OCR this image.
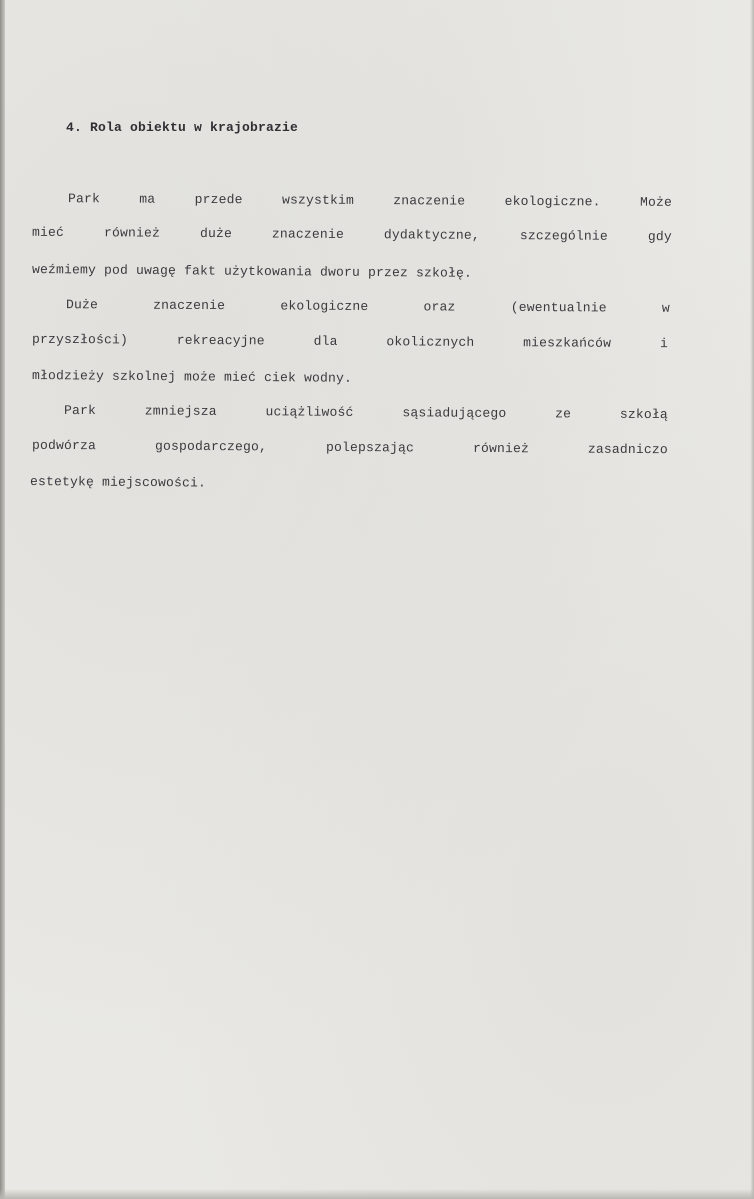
4. Rola obiektu w krajobrazie
Park	ma	przede	wszystkim	znaczenie	ekologiczne.	Może
mieć	również	duże	znaczenie	dydaktyczne,	szczególnie	gdy
weźmiemy pod uwagę fakt użytkowania dworu przez szkołę.
Duże	znaczenie	ekologiczne	oraz	(ewentualnie	w
przyszłości)	rekreacyjne	dla	okolicznych	mieszkańców	i
młodzieży szkolnej może mieć ciek wodny.
Park	zmniejsza	uciążliwość	sąsiadującego	ze	szkołą
podwórza	gospodarczego,	polepszając	również	zasadniczo
estetykę miejscowości.
